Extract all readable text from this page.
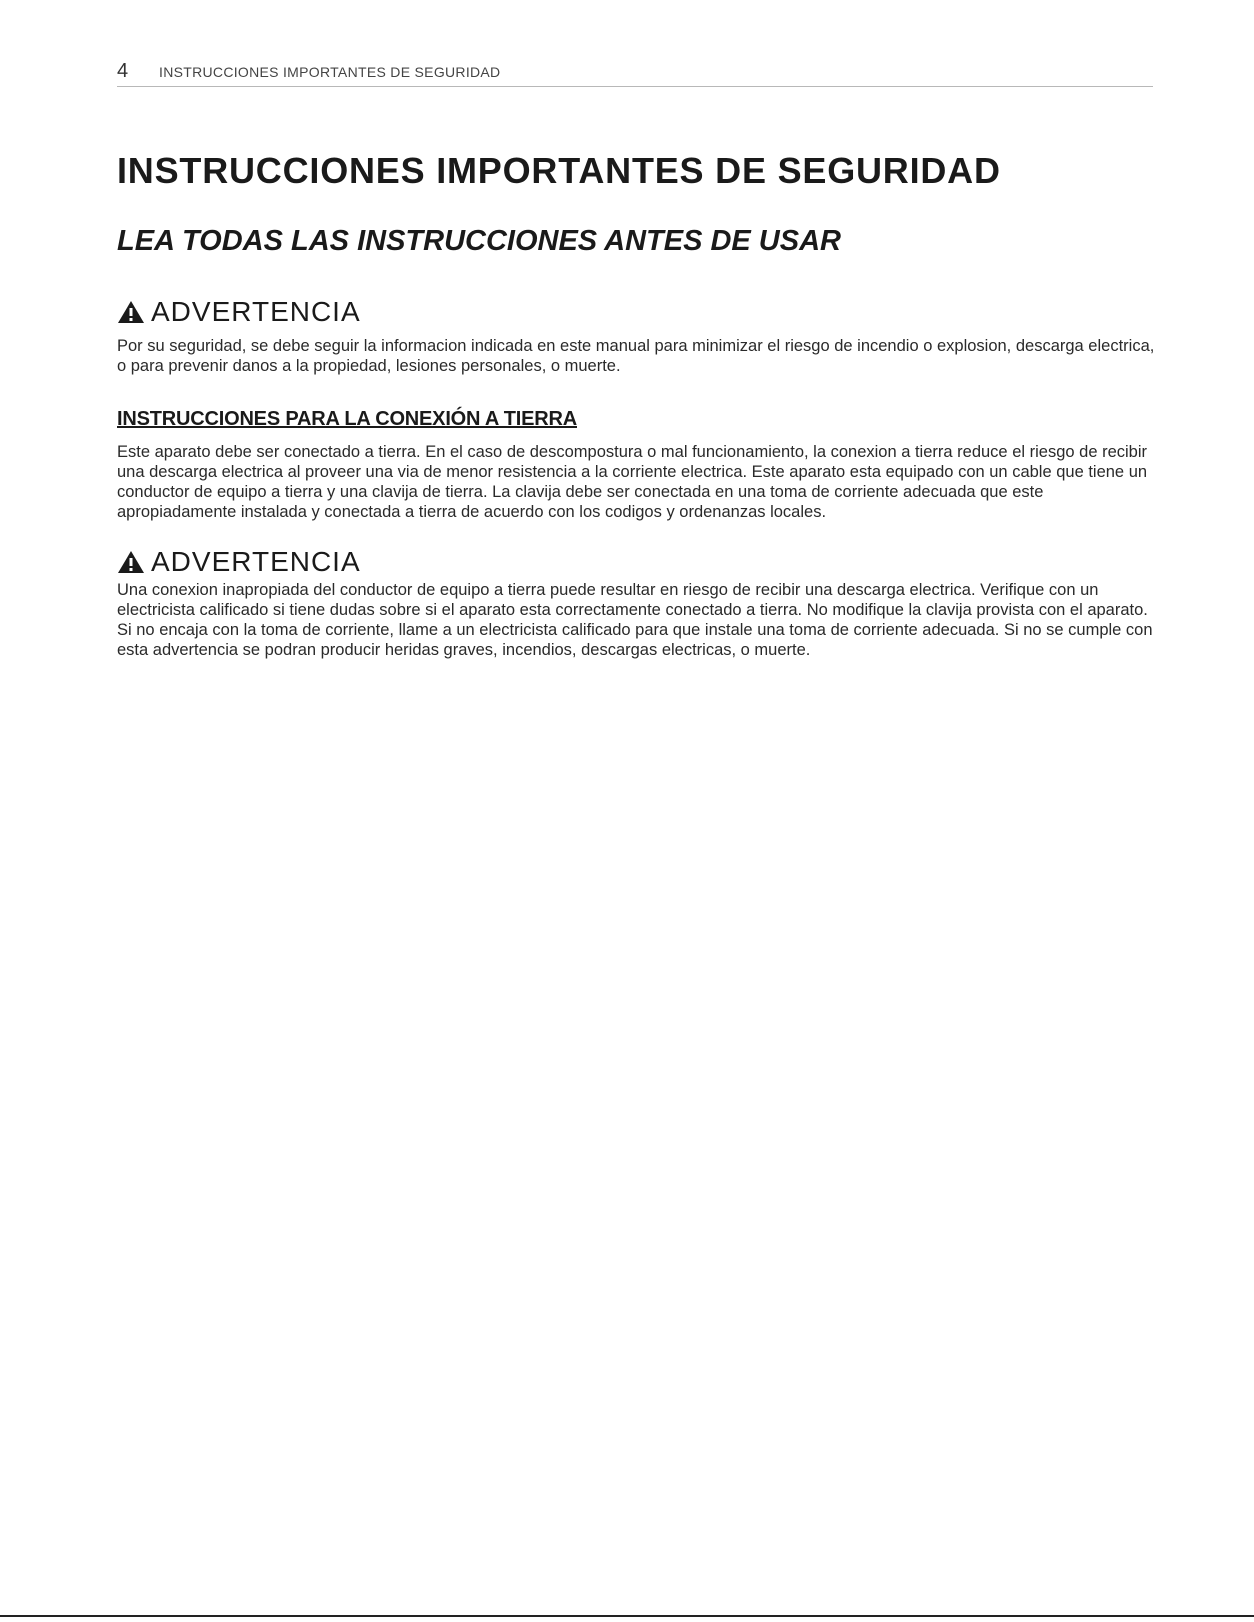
4	INSTRUCCIONES IMPORTANTES DE SEGURIDAD
INSTRUCCIONES IMPORTANTES DE SEGURIDAD
LEA TODAS LAS INSTRUCCIONES ANTES DE USAR
ADVERTENCIA

Por su seguridad, se debe seguir la informacion indicada en este manual para minimizar el riesgo de incendio o explosion, descarga electrica, o para prevenir danos a la propiedad, lesiones personales, o muerte.

INSTRUCCIONES PARA LA CONEXIÓN A TIERRA

Este aparato debe ser conectado a tierra. En el caso de descompostura o mal funcionamiento, la conexion a tierra reduce el riesgo de recibir una descarga electrica al proveer una via de menor resistencia a la corriente electrica. Este aparato esta equipado con un cable que tiene un conductor de equipo a tierra y una clavija de tierra. La clavija debe ser conectada en una toma de corriente adecuada que este apropiadamente instalada y conectada a tierra de acuerdo con los codigos y ordenanzas locales.

ADVERTENCIA

Una conexion inapropiada del conductor de equipo a tierra puede resultar en riesgo de recibir una descarga electrica. Verifique con un electricista calificado si tiene dudas sobre si el aparato esta correctamente conectado a tierra. No modifique la clavija provista con el aparato. Si no encaja con la toma de corriente, llame a un electricista calificado para que instale una toma de corriente adecuada. Si no se cumple con esta advertencia se podran producir heridas graves, incendios, descargas electricas, o muerte.
